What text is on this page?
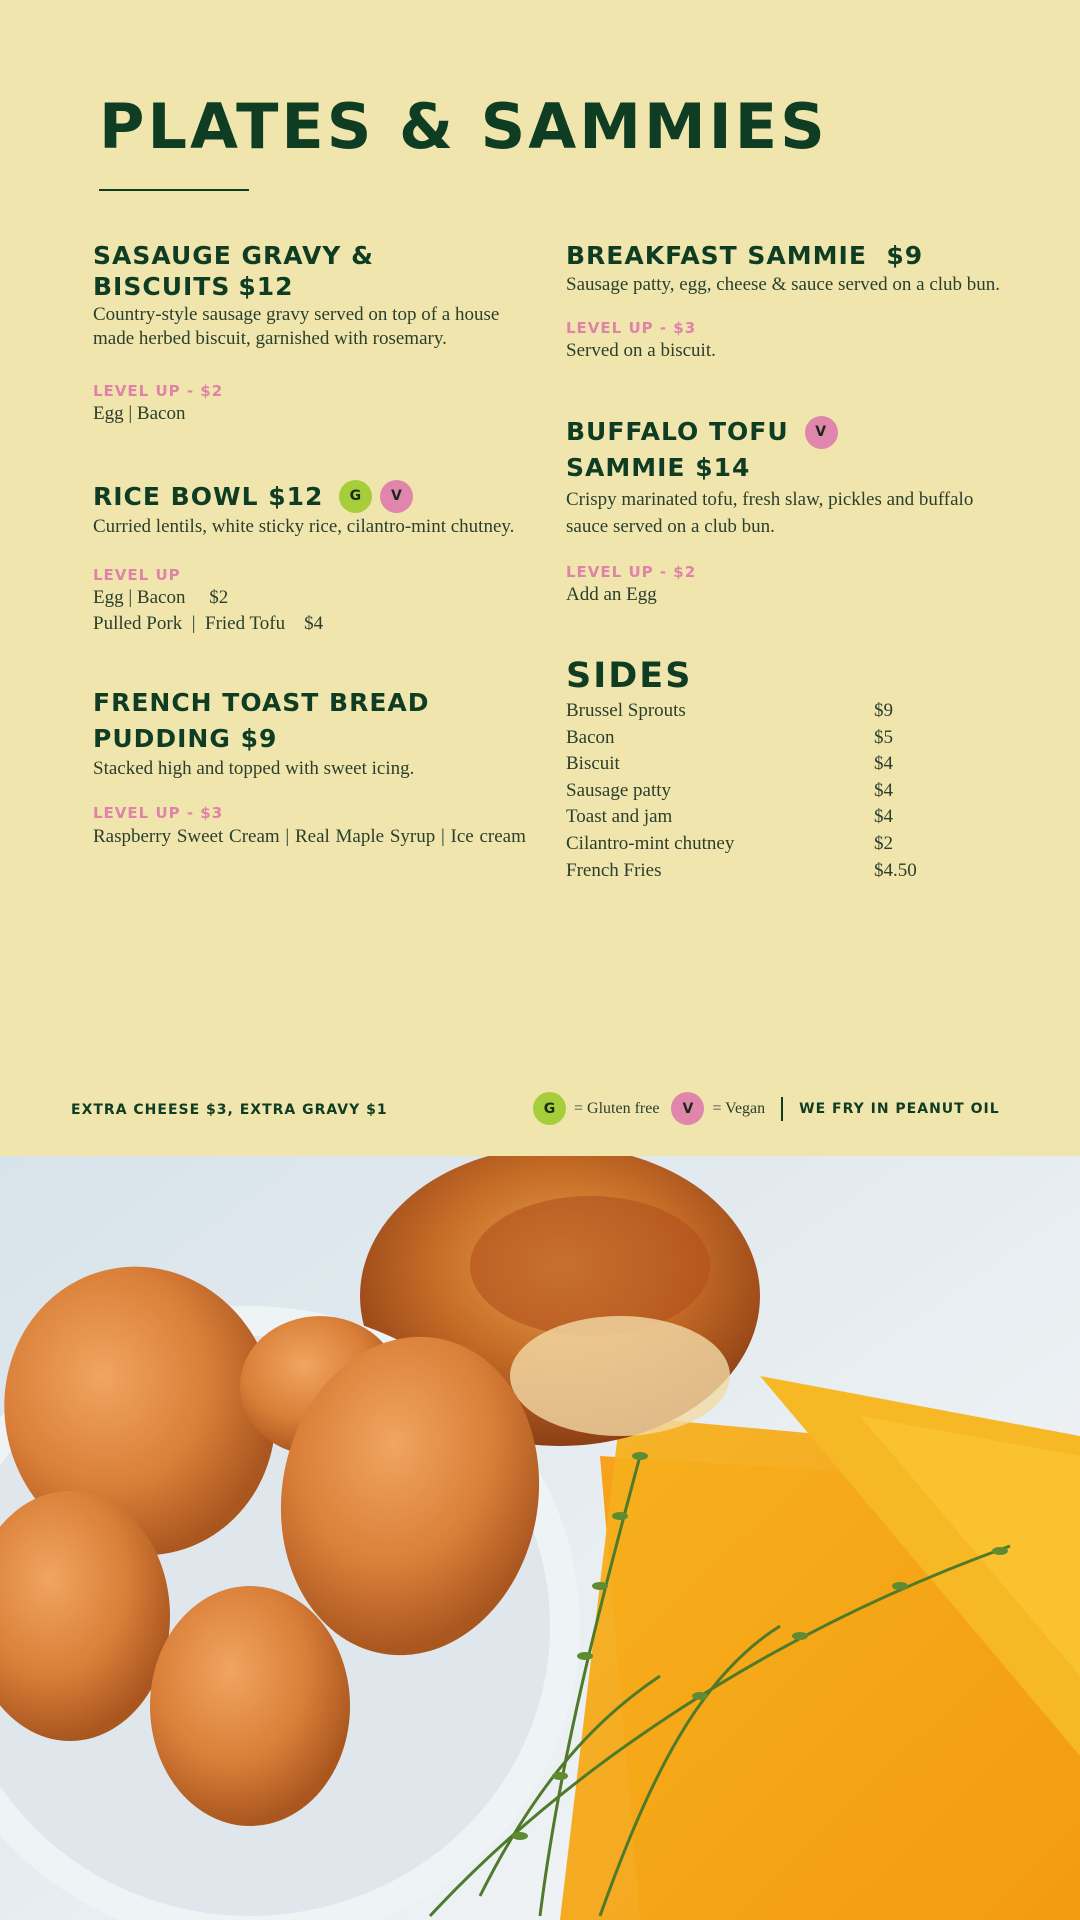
PLATES & SAMMIES
SASAUGE GRAVY &
BISCUITS $12
Country-style sausage gravy served on top of a house made herbed biscuit, garnished with rosemary.
LEVEL UP - $2
Egg | Bacon
RICE BOWL $12	G	V
Curried lentils, white sticky rice, cilantro-mint chutney.
LEVEL UP
Egg | Bacon     $2
Pulled Pork  |  Fried Tofu    $4
FRENCH TOAST BREAD
PUDDING $9
Stacked high and topped with sweet icing.
LEVEL UP - $3
Raspberry Sweet Cream | Real Maple Syrup | Ice cream
BREAKFAST SAMMIE  $9
Sausage patty, egg, cheese & sauce served on a club bun.
LEVEL UP - $3
Served on a biscuit.
BUFFALO TOFU	V
SAMMIE $14
Crispy marinated tofu, fresh slaw, pickles and buffalo sauce served on a club bun.
LEVEL UP - $2
Add an Egg
SIDES
Brussel Sprouts	$9
Bacon	$5
Biscuit	$4
Sausage patty	$4
Toast and jam	$4
Cilantro-mint chutney	$2
French Fries	$4.50
EXTRA CHEESE $3, EXTRA GRAVY $1	G	= Gluten free	V	= Vegan WE FRY IN PEANUT OIL
